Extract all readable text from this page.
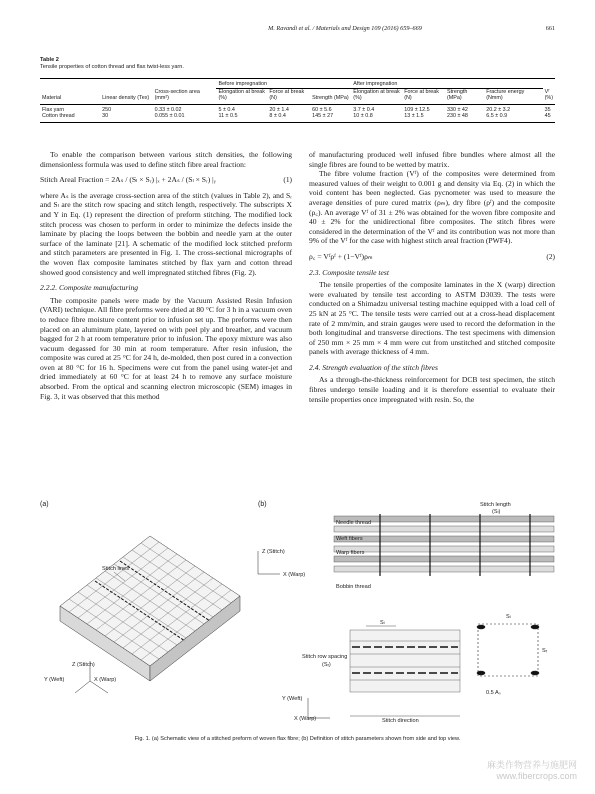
M. Ravandi et al. / Materials and Design 109 (2016) 659–669	661
Table 2
Tensile properties of cotton thread and flax twist-less yarn.
			Before impregnation			After impregnation				
Material	Linear density (Tex)	Cross-section area (mm²)	Elongation at break (%)	Force at break (N)	Strength (MPa)	Elongation at break (%)	Force at break (N)	Strength (MPa)	Fracture energy (Nmm)	Vᶠ (%)
Flax yarn	250	0.33 ± 0.02	5 ± 0.4	20 ± 1.4	60 ± 5.6	3.7 ± 0.4	109 ± 12.5	330 ± 42	20.2 ± 3.2	35
Cotton thread	30	0.055 ± 0.01	11 ± 0.5	8 ± 0.4	145 ± 27	10 ± 0.8	13 ± 1.5	230 ± 48	6.5 ± 0.9	45

To enable the comparison between various stitch densities, the following dimensionless formula was used to define stitch fibre areal fraction:

Stitch Areal Fraction = 2Aₛ / (Sₗ × Sᵣ) |ₓ + 2Aₛ / (Sₗ × Sᵣ) |ᵧ	(1)

where Aₛ is the average cross-section area of the stitch (values in Table 2), and Sᵣ and Sₗ are the stitch row spacing and stitch length, respectively. The subscripts X and Y in Eq. (1) represent the direction of preform stitching. The modified lock stitch process was chosen to perform in order to minimize the defects inside the laminate by placing the loops between the bobbin and needle yarn at the outer surface of the laminate [21]. A schematic of the modified lock stitched preform and stitch parameters are presented in Fig. 1. The cross-sectional micrographs of the woven flax composite laminates stitched by flax yarn and cotton thread showed good consistency and well impregnated stitched fibres (Fig. 2).

2.2.2. Composite manufacturing

The composite panels were made by the Vacuum Assisted Resin Infusion (VARI) technique. All fibre preforms were dried at 80 °C for 3 h in a vacuum oven to reduce fibre moisture content prior to infusion set up. The preforms were then placed on an aluminum plate, layered on with peel ply and breather, and vacuum bagged for 2 h at room temperature prior to infusion. The epoxy mixture was also vacuum degassed for 30 min at room temperature. After resin infusion, the composite was cured at 25 °C for 24 h, de-molded, then post cured in a convection oven at 80 °C for 16 h. Specimens were cut from the panel using water-jet and dried immediately at 60 °C for at least 24 h to remove any surface moisture absorbed. From the optical and scanning electron microscopic (SEM) images in Fig. 3, it was observed that this method

of manufacturing produced well infused fibre bundles where almost all the single fibres are found to be wetted by matrix.

The fibre volume fraction (Vᶠ) of the composites were determined from measured values of their weight to 0.001 g and density via Eq. (2) in which the void content has been neglected. Gas pycnometer was used to measure the average densities of pure cured matrix (ρₘ), dry fibre (ρᶠ) and the composite (ρ꜀). An average Vᶠ of 31 ± 2% was obtained for the woven fibre composite and 40 ± 2% for the unidirectional fibre composites. The stitch fibres were considered in the determination of the Vᶠ and its contribution was not more than 9% of the Vᶠ for the case with highest stitch areal fraction (PWF4).

ρ꜀ = Vᶠρᶠ + (1−Vᶠ)ρₘ	(2)
2.3. Composite tensile test

The tensile properties of the composite laminates in the X (warp) direction were evaluated by tensile test according to ASTM D3039. The tests were conducted on a Shimadzu universal testing machine equipped with a load cell of 25 kN at 25 °C. The tensile tests were carried out at a cross-head displacement rate of 2 mm/min, and strain gauges were used to record the deformation in the both longitudinal and transverse directions. The test specimens with dimension of 250 mm × 25 mm × 4 mm were cut from unstitched and stitched composite panels with average thickness of 4 mm.

2.4. Strength evaluation of the stitch fibres

As a through-the-thickness reinforcement for DCB test specimen, the stitch fibres undergo tensile loading and it is therefore essential to evaluate their tensile properties once impregnated with resin. So, the

(a)
Stitch lines
Z (Stitch)
Y (Weft)	X (Warp)
(b)
Z (Stitch)
X (Warp)
Stitch length
(Sₗ)
Needle thread
Weft fibers
Warp fibers
Bobbin thread
Sₗ
Stitch row spacing
(Sᵣ)
Sₗ
Sᵣ
0.5 Aₛ
Y (Weft)
X (Warp)	Stitch direction
Fig. 1. (a) Schematic view of a stitched preform of woven flax fibre; (b) Definition of stitch parameters shown from side and top view.
麻类作物营养与施肥网
www.fibercrops.com
